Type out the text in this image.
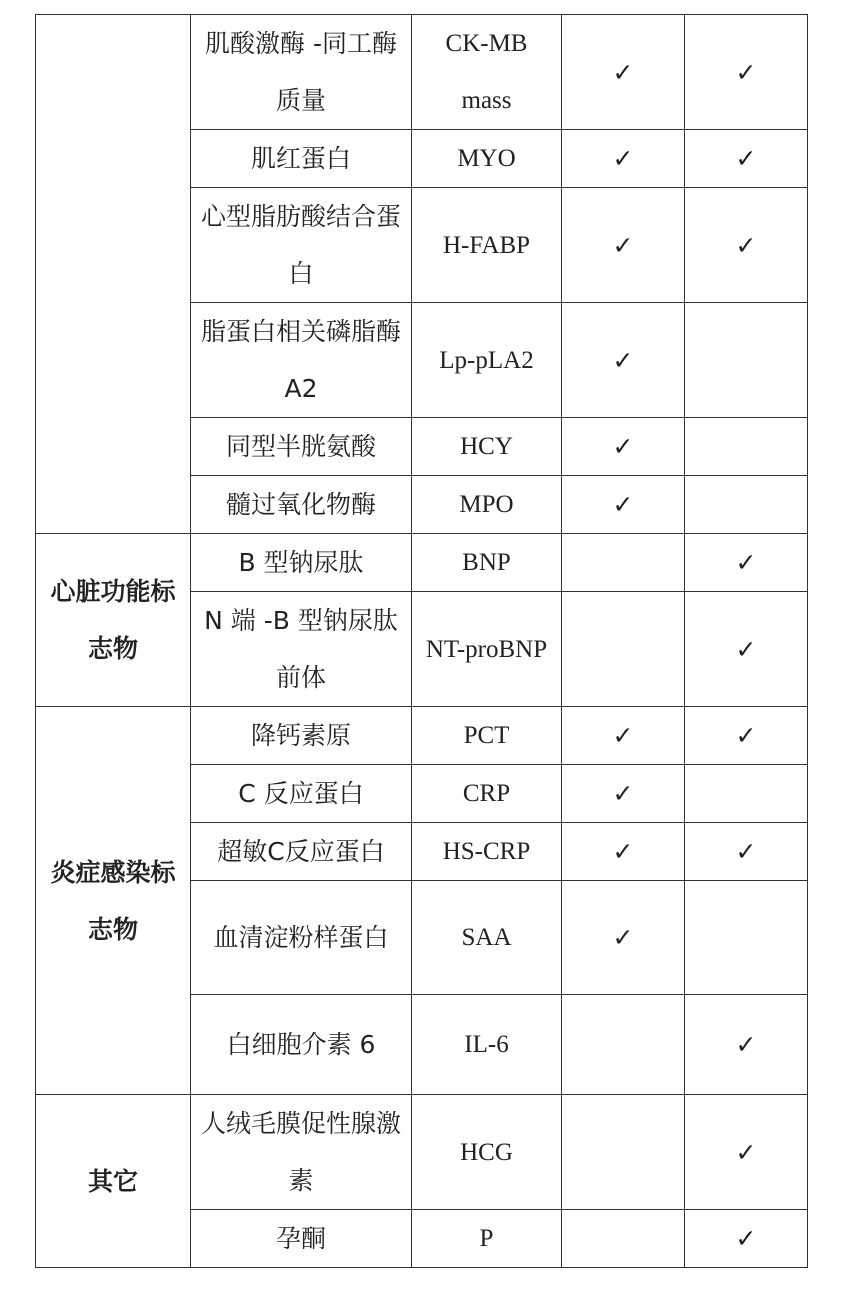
	肌酸激酶 -同工酶质量	CK-MB mass	✓	✓
	肌红蛋白	MYO	✓	✓
	心型脂肪酸结合蛋白	H-FABP	✓	✓
	脂蛋白相关磷脂酶 A2	Lp-pLA2	✓	
	同型半胱氨酸	HCY	✓	
	髓过氧化物酶	MPO	✓	
心脏功能标志物	B 型钠尿肽	BNP		✓
	N 端 -B 型钠尿肽前体	NT-proBNP		✓
炎症感染标志物	降钙素原	PCT	✓	✓
	C 反应蛋白	CRP	✓	
	超敏C反应蛋白	HS-CRP	✓	✓
	血清淀粉样蛋白	SAA	✓	
	白细胞介素 6	IL-6		✓
其它	人绒毛膜促性腺激素	HCG		✓
	孕酮	P		✓
